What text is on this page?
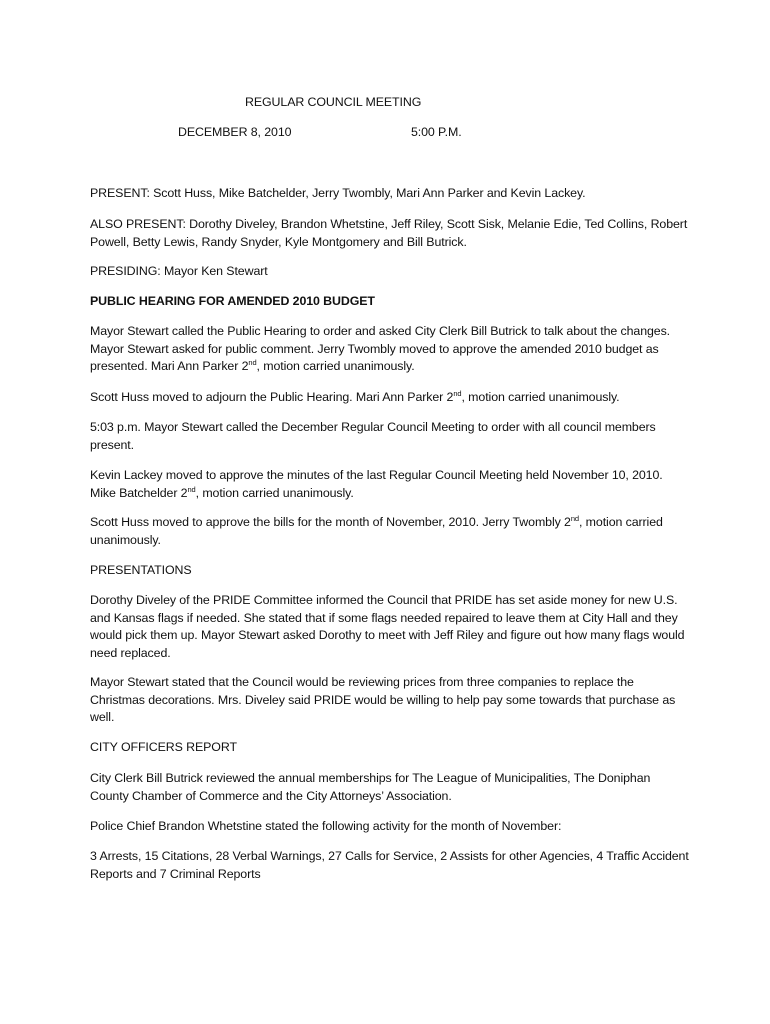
REGULAR COUNCIL MEETING
DECEMBER 8, 2010	5:00 P.M.

PRESENT: Scott Huss, Mike Batchelder, Jerry Twombly, Mari Ann Parker and Kevin Lackey.

ALSO PRESENT: Dorothy Diveley, Brandon Whetstine, Jeff Riley, Scott Sisk, Melanie Edie, Ted Collins, Robert Powell, Betty Lewis, Randy Snyder, Kyle Montgomery and Bill Butrick.

PRESIDING: Mayor Ken Stewart

PUBLIC HEARING FOR AMENDED 2010 BUDGET

Mayor Stewart called the Public Hearing to order and asked City Clerk Bill Butrick to talk about the changes. Mayor Stewart asked for public comment. Jerry Twombly moved to approve the amended 2010 budget as presented. Mari Ann Parker 2nd, motion carried unanimously.

Scott Huss moved to adjourn the Public Hearing. Mari Ann Parker 2nd, motion carried unanimously.

5:03 p.m. Mayor Stewart called the December Regular Council Meeting to order with all council members present.

Kevin Lackey moved to approve the minutes of the last Regular Council Meeting held November 10, 2010. Mike Batchelder 2nd, motion carried unanimously.

Scott Huss moved to approve the bills for the month of November, 2010. Jerry Twombly 2nd, motion carried unanimously.

PRESENTATIONS

Dorothy Diveley of the PRIDE Committee informed the Council that PRIDE has set aside money for new U.S. and Kansas flags if needed. She stated that if some flags needed repaired to leave them at City Hall and they would pick them up. Mayor Stewart asked Dorothy to meet with Jeff Riley and figure out how many flags would need replaced.

Mayor Stewart stated that the Council would be reviewing prices from three companies to replace the Christmas decorations. Mrs. Diveley said PRIDE would be willing to help pay some towards that purchase as well.

CITY OFFICERS REPORT

City Clerk Bill Butrick reviewed the annual memberships for The League of Municipalities, The Doniphan County Chamber of Commerce and the City Attorneys’ Association.

Police Chief Brandon Whetstine stated the following activity for the month of November:

3 Arrests, 15 Citations, 28 Verbal Warnings, 27 Calls for Service, 2 Assists for other Agencies, 4 Traffic Accident Reports and 7 Criminal Reports
